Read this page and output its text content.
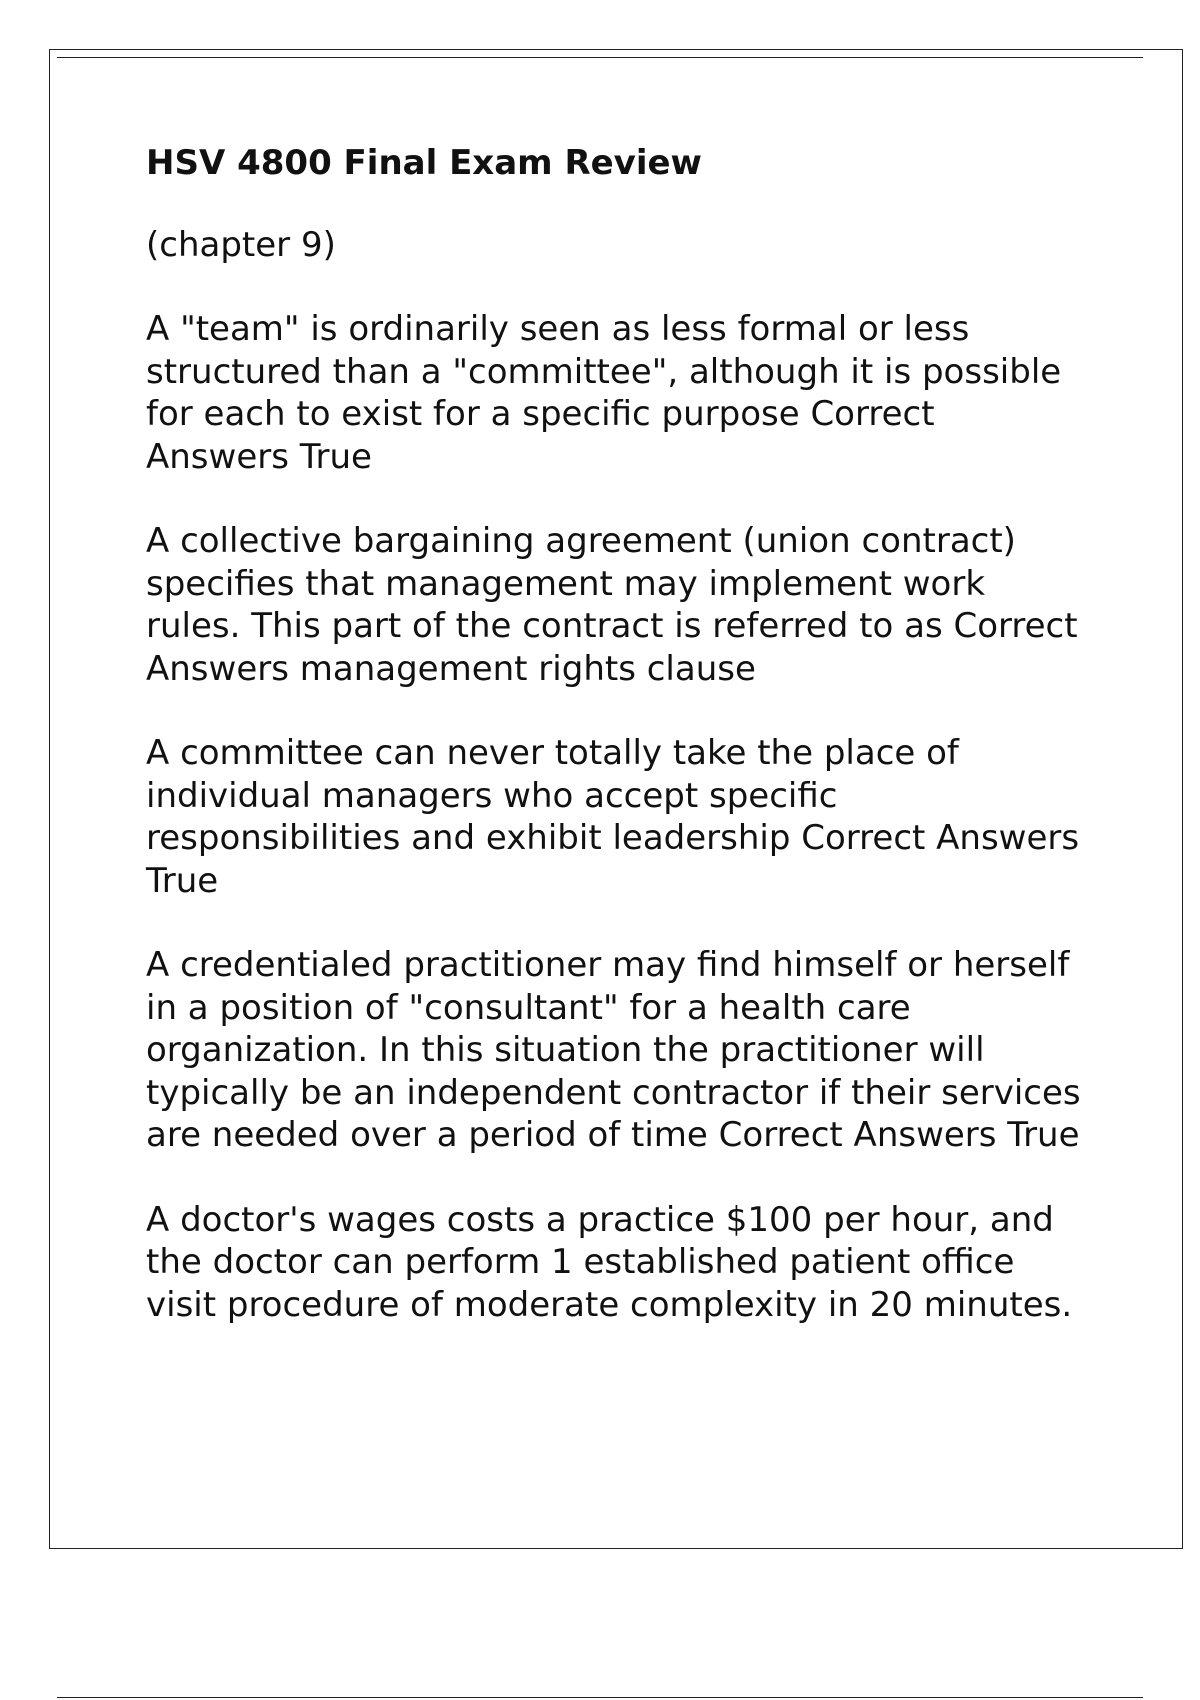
HSV 4800 Final Exam Review
(chapter 9)
A "team" is ordinarily seen as less formal or less structured than a "committee", although it is possible for each to exist for a specific purpose Correct Answers True
A collective bargaining agreement (union contract) specifies that management may implement work rules. This part of the contract is referred to as Correct Answers management rights clause
A committee can never totally take the place of individual managers who accept specific responsibilities and exhibit leadership Correct Answers True
A credentialed practitioner may find himself or herself in a position of "consultant" for a health care organization. In this situation the practitioner will typically be an independent contractor if their services are needed over a period of time Correct Answers True
A doctor's wages costs a practice $100 per hour, and the doctor can perform 1 established patient office visit procedure of moderate complexity in 20 minutes.
